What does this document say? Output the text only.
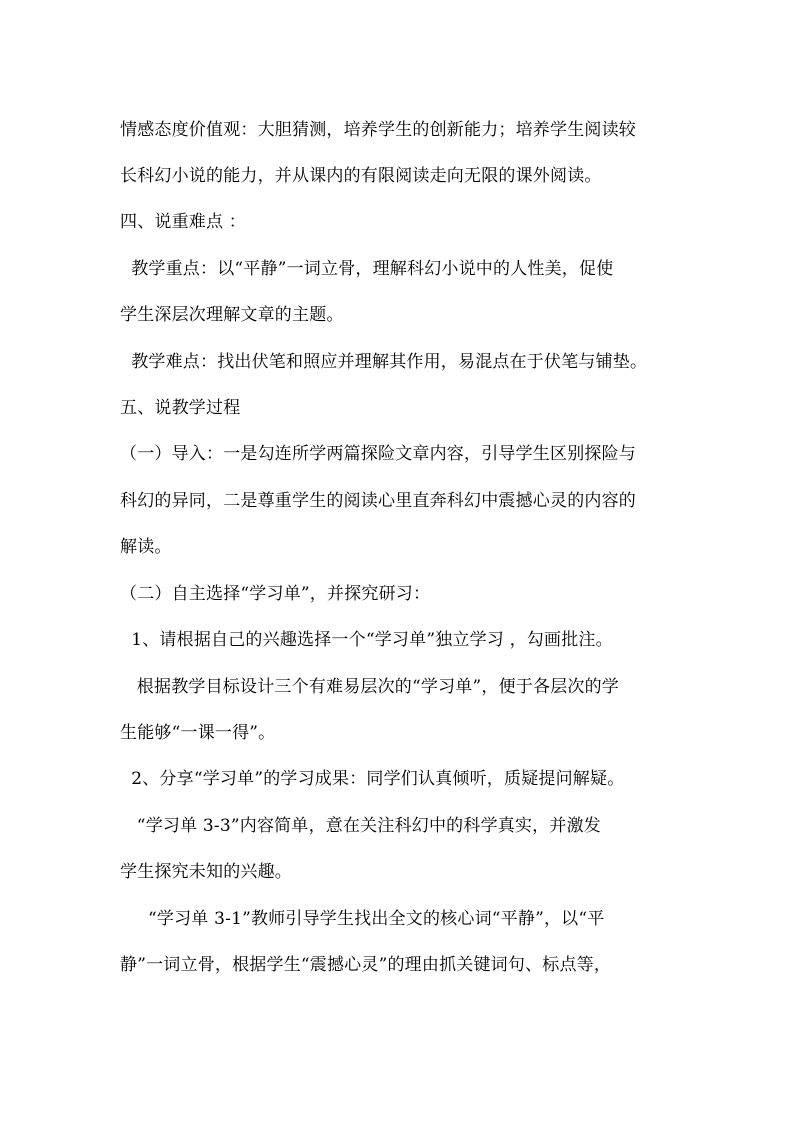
情感态度价值观：大胆猜测，培养学生的创新能力；培养学生阅读较
长科幻小说的能力，并从课内的有限阅读走向无限的课外阅读。
四、说重难点 ：
教学重点：以“平静”一词立骨，理解科幻小说中的人性美，促使
学生深层次理解文章的主题。
教学难点：找出伏笔和照应并理解其作用，易混点在于伏笔与铺垫。
五、说教学过程
（一）导入：一是勾连所学两篇探险文章内容，引导学生区别探险与
科幻的异同，二是尊重学生的阅读心里直奔科幻中震撼心灵的内容的
解读。
（二）自主选择“学习单”，并探究研习：
1、请根据自己的兴趣选择一个“学习单”独立学习 ，勾画批注。
根据教学目标设计三个有难易层次的“学习单”，便于各层次的学
生能够“一课一得”。
2、分享“学习单”的学习成果：同学们认真倾听，质疑提问解疑。
“学习单 3-3”内容简单，意在关注科幻中的科学真实，并激发
学生探究未知的兴趣。
“学习单 3-1”教师引导学生找出全文的核心词“平静”，以“平
静”一词立骨，根据学生“震撼心灵”的理由抓关键词句、标点等，
